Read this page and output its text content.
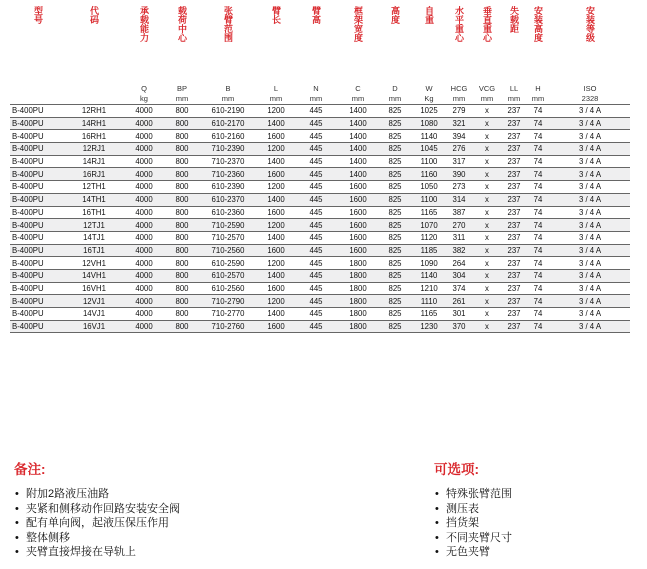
型号	代码	承载能力	载荷中心	张臂范围	臂长	臂高	框架宽度	高度	自重	水平重心	垂直重心	失载距	安装高度	安装等级

		Q	BP	B	L	N	C	D	W	HCG	VCG	LL	H	ISO
		kg	mm	mm	mm	mm	mm	mm	Kg	mm	mm	mm	mm	2328
B-400PU	12RH1	4000	800	610-2190	1200	445	1400	825	1025	279	x	237	74	3 / 4 A
B-400PU	14RH1	4000	800	610-2170	1400	445	1400	825	1080	321	x	237	74	3 / 4 A
B-400PU	16RH1	4000	800	610-2160	1600	445	1400	825	1140	394	x	237	74	3 / 4 A
B-400PU	12RJ1	4000	800	710-2390	1200	445	1400	825	1045	276	x	237	74	3 / 4 A
B-400PU	14RJ1	4000	800	710-2370	1400	445	1400	825	1100	317	x	237	74	3 / 4 A
B-400PU	16RJ1	4000	800	710-2360	1600	445	1400	825	1160	390	x	237	74	3 / 4 A
B-400PU	12TH1	4000	800	610-2390	1200	445	1600	825	1050	273	x	237	74	3 / 4 A
B-400PU	14TH1	4000	800	610-2370	1400	445	1600	825	1100	314	x	237	74	3 / 4 A
B-400PU	16TH1	4000	800	610-2360	1600	445	1600	825	1165	387	x	237	74	3 / 4 A
B-400PU	12TJ1	4000	800	710-2590	1200	445	1600	825	1070	270	x	237	74	3 / 4 A
B-400PU	14TJ1	4000	800	710-2570	1400	445	1600	825	1120	311	x	237	74	3 / 4 A
B-400PU	16TJ1	4000	800	710-2560	1600	445	1600	825	1185	382	x	237	74	3 / 4 A
B-400PU	12VH1	4000	800	610-2590	1200	445	1800	825	1090	264	x	237	74	3 / 4 A
B-400PU	14VH1	4000	800	610-2570	1400	445	1800	825	1140	304	x	237	74	3 / 4 A
B-400PU	16VH1	4000	800	610-2560	1600	445	1800	825	1210	374	x	237	74	3 / 4 A
B-400PU	12VJ1	4000	800	710-2790	1200	445	1800	825	1110	261	x	237	74	3 / 4 A
B-400PU	14VJ1	4000	800	710-2770	1400	445	1800	825	1165	301	x	237	74	3 / 4 A
B-400PU	16VJ1	4000	800	710-2760	1600	445	1800	825	1230	370	x	237	74	3 / 4 A
备注:
• 附加2路液压油路
• 夹紧和侧移动作回路安装安全阀
• 配有单向阀，起液压保压作用
• 整体侧移
• 夹臂直接焊接在导轨上
可选项:
• 特殊张臂范围
• 测压表
• 挡货架
• 不同夹臂尺寸
• 无色夹臂
